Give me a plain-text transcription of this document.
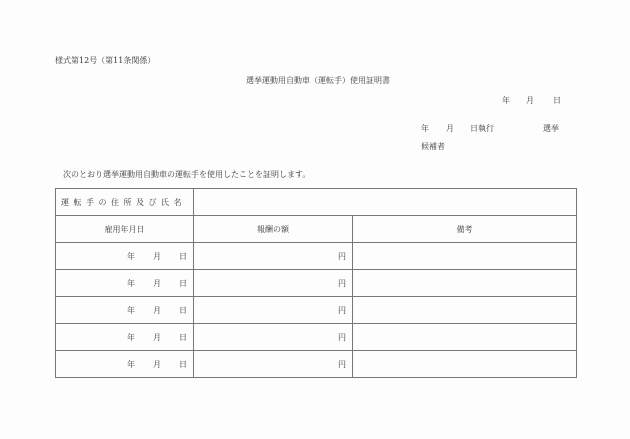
様式第12号（第11条関係）
選挙運動用自動車（運転手）使用証明書
年 月 日
年 月 日執行	選挙
候補者
次のとおり選挙運動用自動車の運転手を使用したことを証明します。
運転手の住所及び氏名		
雇用年月日	報酬の額	備考
年 月 日	円	
年 月 日	円	
年 月 日	円	
年 月 日	円	
年 月 日	円	
